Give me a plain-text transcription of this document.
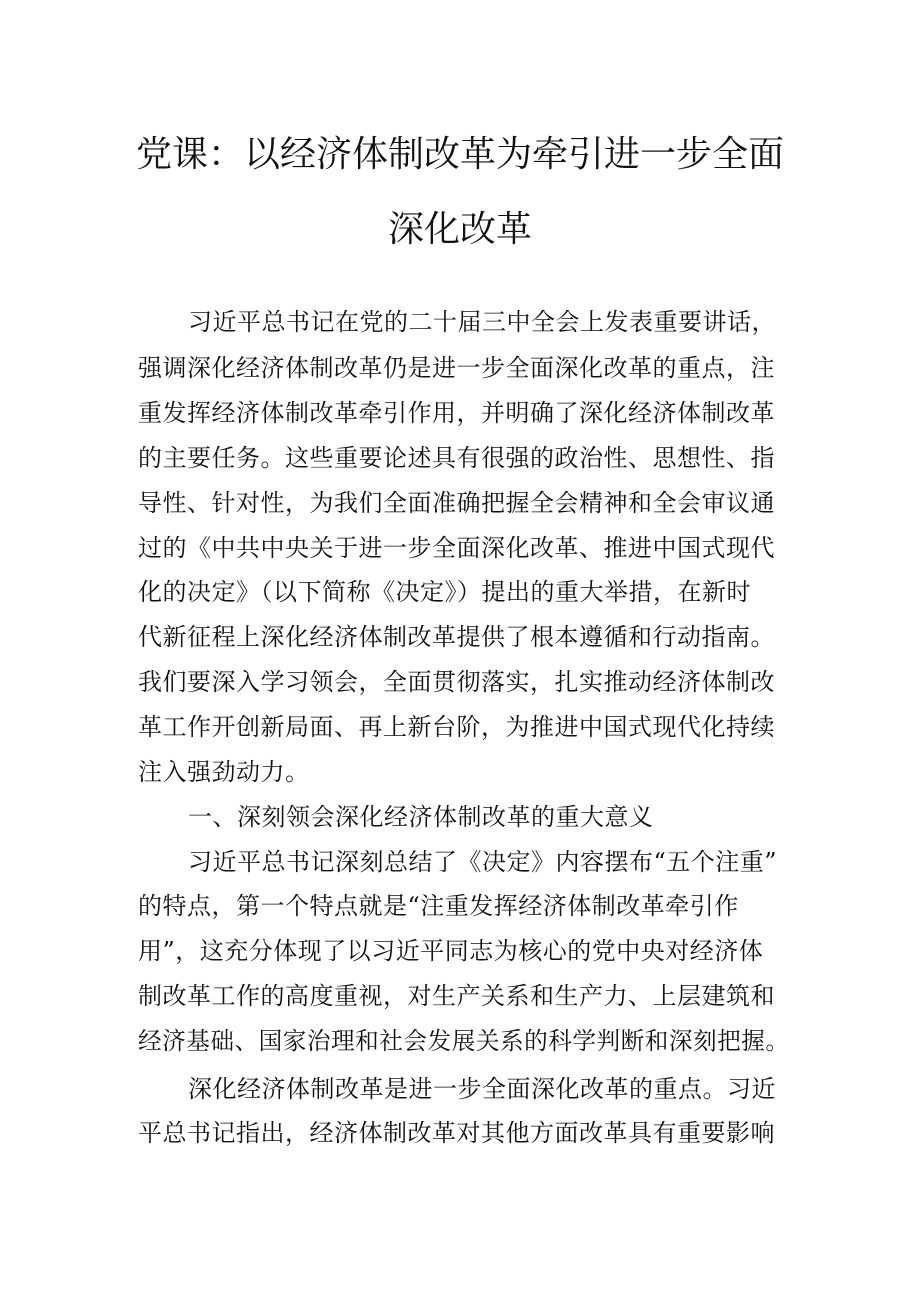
党课：以经济体制改革为牵引进一步全面
深化改革
习近平总书记在党的二十届三中全会上发表重要讲话，
强调深化经济体制改革仍是进一步全面深化改革的重点，注
重发挥经济体制改革牵引作用，并明确了深化经济体制改革
的主要任务。这些重要论述具有很强的政治性、思想性、指
导性、针对性，为我们全面准确把握全会精神和全会审议通
过的《中共中央关于进一步全面深化改革、推进中国式现代
化的决定》（以下简称《决定》）提出的重大举措，在新时
代新征程上深化经济体制改革提供了根本遵循和行动指南。
我们要深入学习领会，全面贯彻落实，扎实推动经济体制改
革工作开创新局面、再上新台阶，为推进中国式现代化持续
注入强劲动力。
一、深刻领会深化经济体制改革的重大意义
习近平总书记深刻总结了《决定》内容摆布“五个注重”
的特点，第一个特点就是“注重发挥经济体制改革牵引作
用”，这充分体现了以习近平同志为核心的党中央对经济体
制改革工作的高度重视，对生产关系和生产力、上层建筑和
经济基础、国家治理和社会发展关系的科学判断和深刻把握。
深化经济体制改革是进一步全面深化改革的重点。习近
平总书记指出，经济体制改革对其他方面改革具有重要影响
